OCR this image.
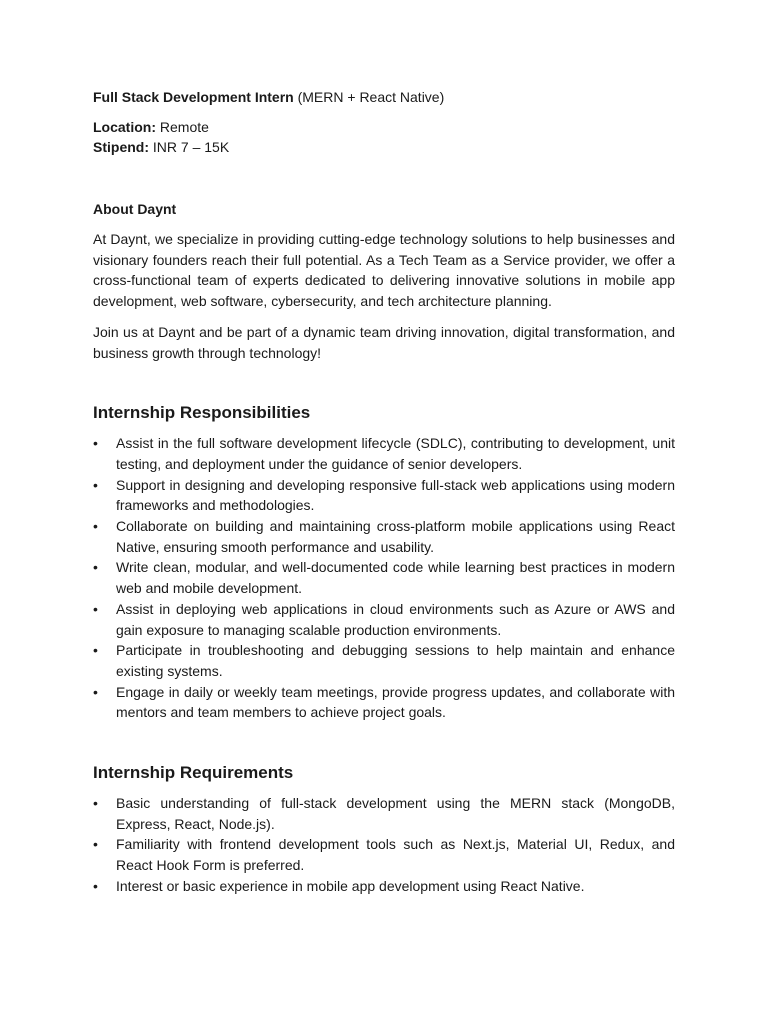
Full Stack Development Intern (MERN + React Native)

Location: Remote

Stipend: INR 7 – 15K

About Daynt

At Daynt, we specialize in providing cutting-edge technology solutions to help businesses and visionary founders reach their full potential. As a Tech Team as a Service provider, we offer a cross-functional team of experts dedicated to delivering innovative solutions in mobile app development, web software, cybersecurity, and tech architecture planning.

Join us at Daynt and be part of a dynamic team driving innovation, digital transformation, and business growth through technology!

Internship Responsibilities
• Assist in the full software development lifecycle (SDLC), contributing to development, unit testing, and deployment under the guidance of senior developers.
• Support in designing and developing responsive full-stack web applications using modern frameworks and methodologies.
• Collaborate on building and maintaining cross-platform mobile applications using React Native, ensuring smooth performance and usability.
• Write clean, modular, and well-documented code while learning best practices in modern web and mobile development.
• Assist in deploying web applications in cloud environments such as Azure or AWS and gain exposure to managing scalable production environments.
• Participate in troubleshooting and debugging sessions to help maintain and enhance existing systems.
• Engage in daily or weekly team meetings, provide progress updates, and collaborate with mentors and team members to achieve project goals.
Internship Requirements
• Basic understanding of full-stack development using the MERN stack (MongoDB, Express, React, Node.js).
• Familiarity with frontend development tools such as Next.js, Material UI, Redux, and React Hook Form is preferred.
• Interest or basic experience in mobile app development using React Native.
